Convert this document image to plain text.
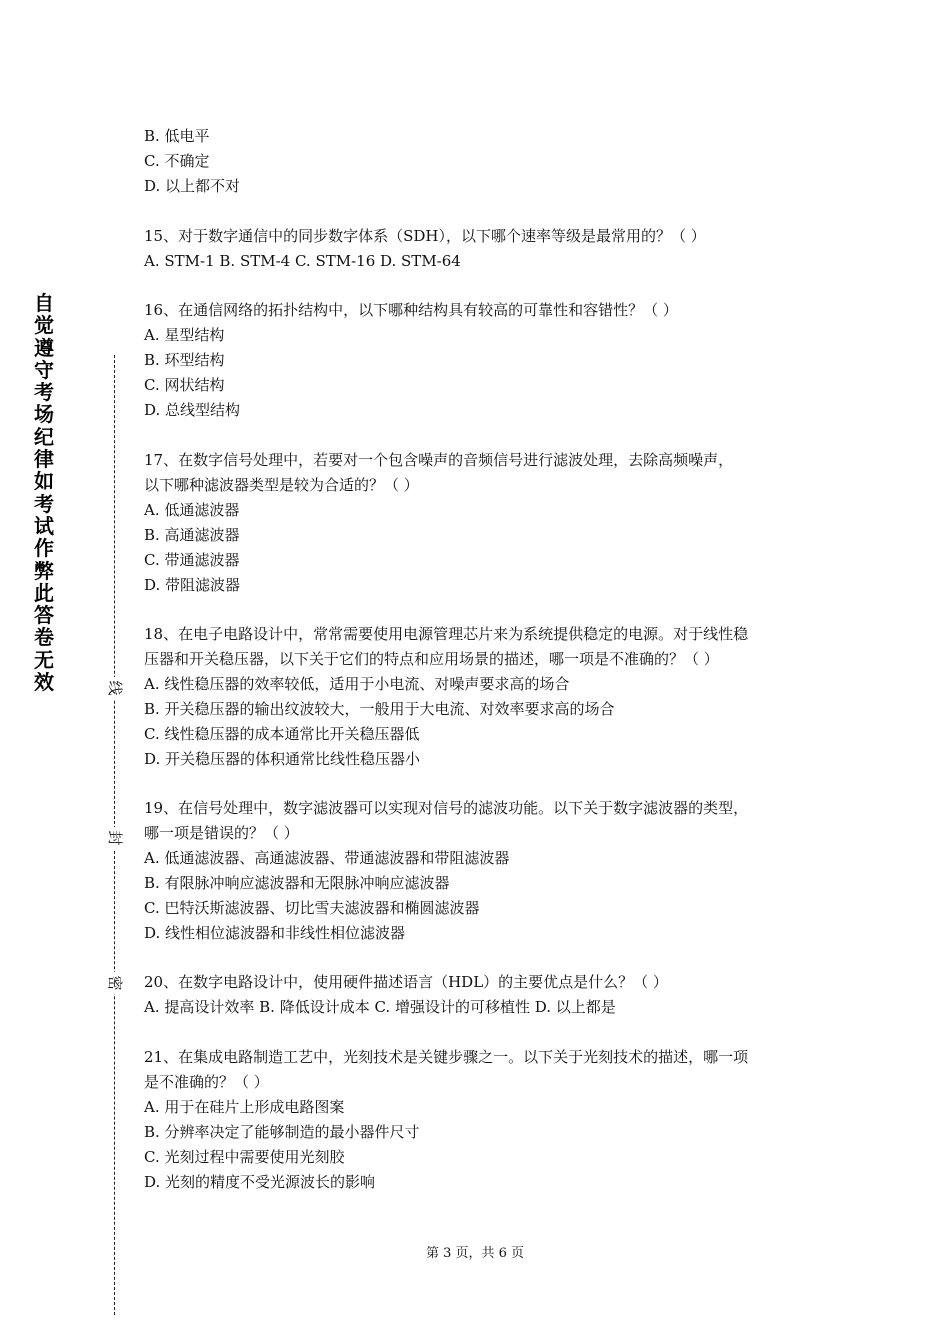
自
觉
遵
守
考
场
纪
律
如
考
试
作
弊
此
答
卷
无
效	线
封
密
B. 低电平
C. 不确定
D. 以上都不对
15、对于数字通信中的同步数字体系（SDH），以下哪个速率等级是最常用的？（ ）
A. STM-1 B. STM-4 C. STM-16 D. STM-64
16、在通信网络的拓扑结构中，以下哪种结构具有较高的可靠性和容错性？（ ）
A. 星型结构
B. 环型结构
C. 网状结构
D. 总线型结构
17、在数字信号处理中，若要对一个包含噪声的音频信号进行滤波处理，去除高频噪声，
以下哪种滤波器类型是较为合适的？（ ）
A. 低通滤波器
B. 高通滤波器
C. 带通滤波器
D. 带阻滤波器
18、在电子电路设计中，常常需要使用电源管理芯片来为系统提供稳定的电源。对于线性稳
压器和开关稳压器，以下关于它们的特点和应用场景的描述，哪一项是不准确的？（ ）
A. 线性稳压器的效率较低，适用于小电流、对噪声要求高的场合
B. 开关稳压器的输出纹波较大，一般用于大电流、对效率要求高的场合
C. 线性稳压器的成本通常比开关稳压器低
D. 开关稳压器的体积通常比线性稳压器小
19、在信号处理中，数字滤波器可以实现对信号的滤波功能。以下关于数字滤波器的类型，
哪一项是错误的？（ ）
A. 低通滤波器、高通滤波器、带通滤波器和带阻滤波器
B. 有限脉冲响应滤波器和无限脉冲响应滤波器
C. 巴特沃斯滤波器、切比雪夫滤波器和椭圆滤波器
D. 线性相位滤波器和非线性相位滤波器
20、在数字电路设计中，使用硬件描述语言（HDL）的主要优点是什么？（ ）
A. 提高设计效率 B. 降低设计成本 C. 增强设计的可移植性 D. 以上都是
21、在集成电路制造工艺中，光刻技术是关键步骤之一。以下关于光刻技术的描述，哪一项
是不准确的？（ ）
A. 用于在硅片上形成电路图案
B. 分辨率决定了能够制造的最小器件尺寸
C. 光刻过程中需要使用光刻胶
D. 光刻的精度不受光源波长的影响
第 3 页，共 6 页
